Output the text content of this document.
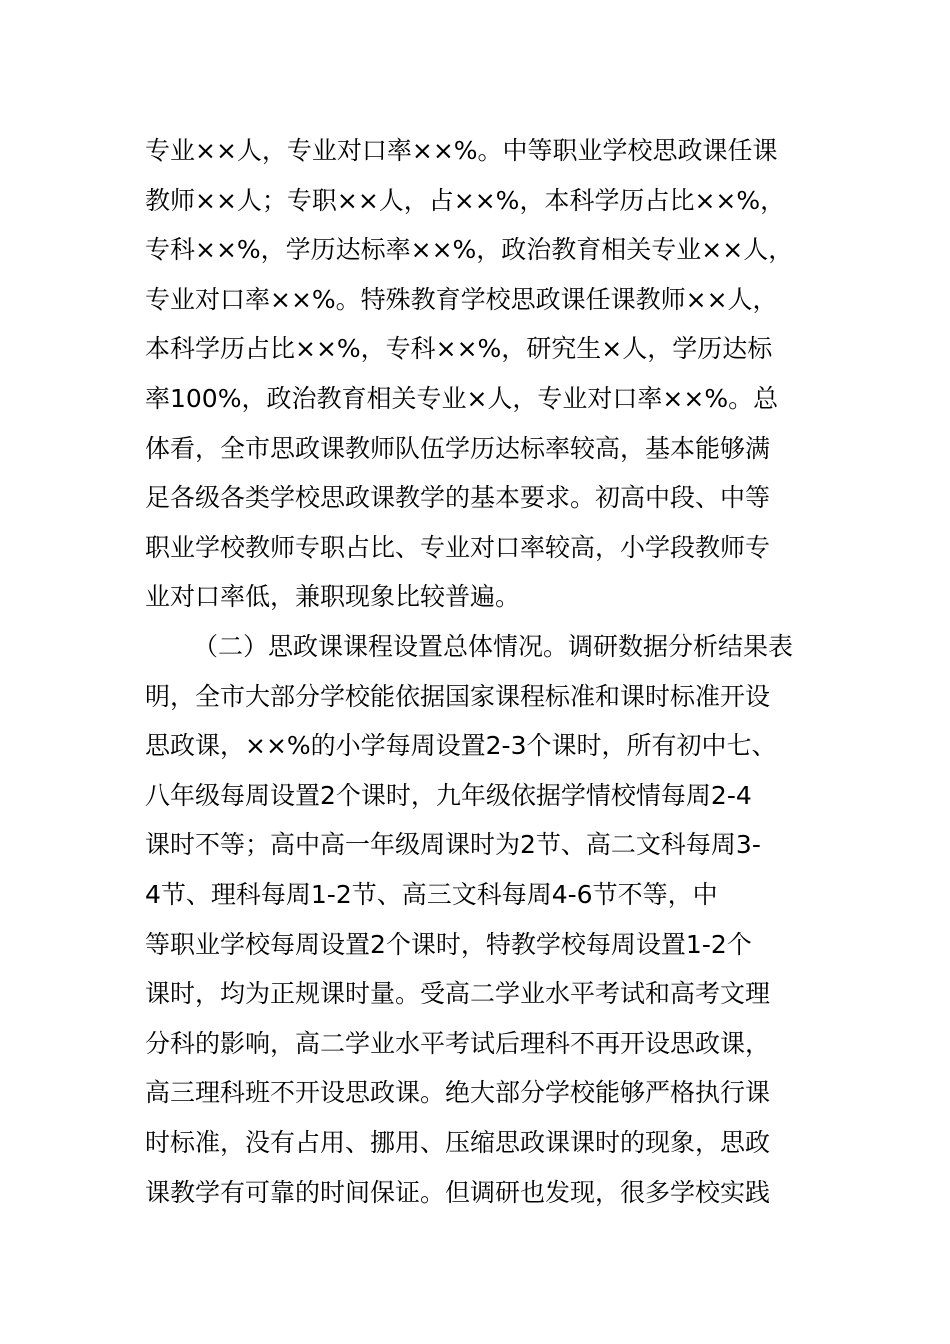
专业××人，专业对口率××%。中等职业学校思政课任课
教师××人；专职××人，占××%，本科学历占比××%，
专科××%，学历达标率××%，政治教育相关专业××人，
专业对口率××%。特殊教育学校思政课任课教师××人，
本科学历占比××%，专科××%，研究生×人，学历达标
率100%，政治教育相关专业×人，专业对口率××%。总
体看，全市思政课教师队伍学历达标率较高，基本能够满
足各级各类学校思政课教学的基本要求。初高中段、中等
职业学校教师专职占比、专业对口率较高，小学段教师专
业对口率低，兼职现象比较普遍。
（二）思政课课程设置总体情况。调研数据分析结果表
明，全市大部分学校能依据国家课程标准和课时标准开设
思政课，××%的小学每周设置2-3个课时，所有初中七、
八年级每周设置2个课时，九年级依据学情校情每周2-4
课时不等；高中高一年级周课时为2节、高二文科每周3-
4节、理科每周1-2节、高三文科每周4-6节不等，中
等职业学校每周设置2个课时，特教学校每周设置1-2个
课时，均为正规课时量。受高二学业水平考试和高考文理
分科的影响，高二学业水平考试后理科不再开设思政课，
高三理科班不开设思政课。绝大部分学校能够严格执行课
时标准，没有占用、挪用、压缩思政课课时的现象，思政
课教学有可靠的时间保证。但调研也发现，很多学校实践
